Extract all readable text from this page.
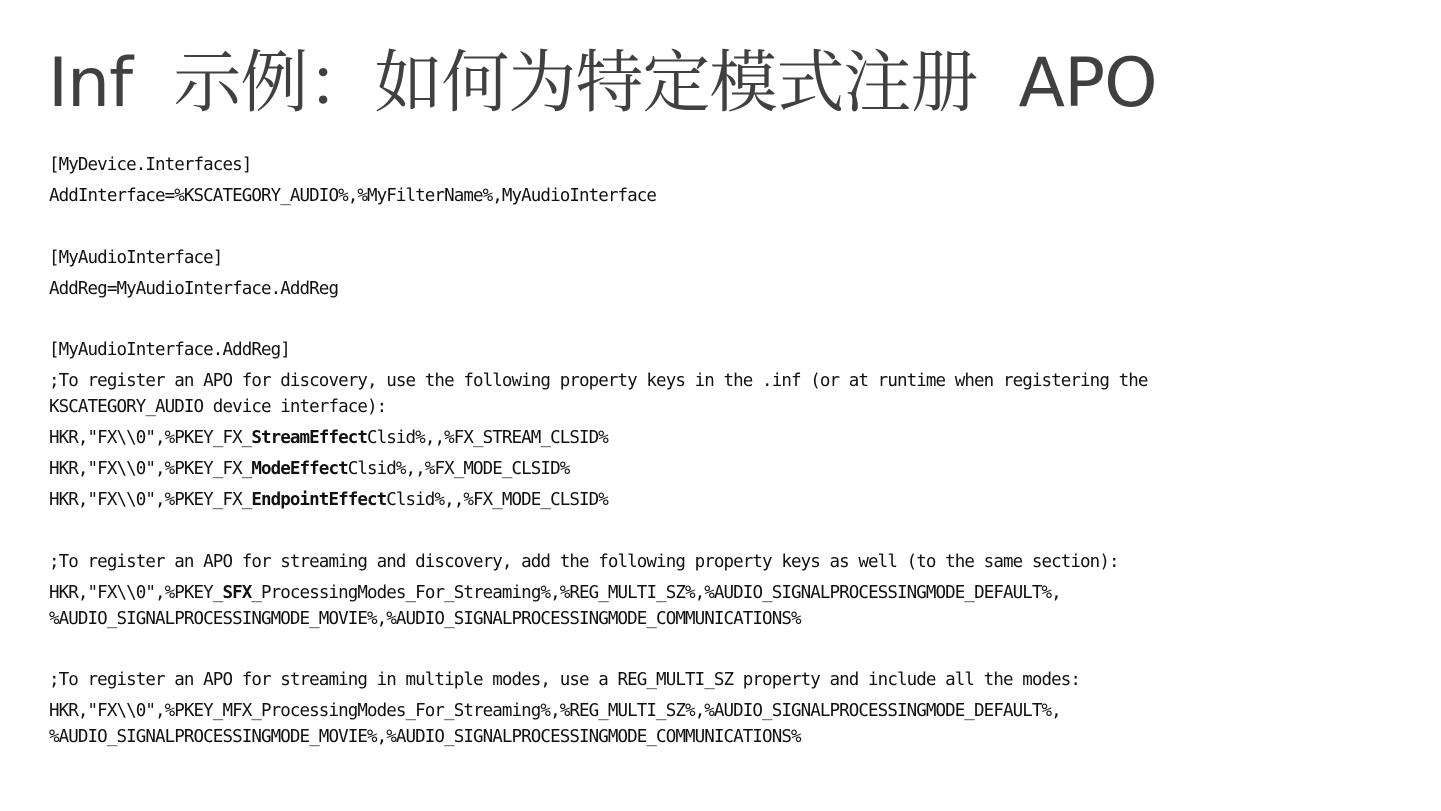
Inf  示例：如何为特定模式注册  APO
[MyDevice.Interfaces]
AddInterface=%KSCATEGORY_AUDIO%,%MyFilterName%,MyAudioInterface
[MyAudioInterface]
AddReg=MyAudioInterface.AddReg
[MyAudioInterface.AddReg]
;To register an APO for discovery, use the following property keys in the .inf (or at runtime when registering the
KSCATEGORY_AUDIO device interface):
HKR,"FX\\0",%PKEY_FX_StreamEffectClsid%,,%FX_STREAM_CLSID%
HKR,"FX\\0",%PKEY_FX_ModeEffectClsid%,,%FX_MODE_CLSID%
HKR,"FX\\0",%PKEY_FX_EndpointEffectClsid%,,%FX_MODE_CLSID%
;To register an APO for streaming and discovery, add the following property keys as well (to the same section):
HKR,"FX\\0",%PKEY_SFX_ProcessingModes_For_Streaming%,%REG_MULTI_SZ%,%AUDIO_SIGNALPROCESSINGMODE_DEFAULT%,
%AUDIO_SIGNALPROCESSINGMODE_MOVIE%,%AUDIO_SIGNALPROCESSINGMODE_COMMUNICATIONS%
;To register an APO for streaming in multiple modes, use a REG_MULTI_SZ property and include all the modes:
HKR,"FX\\0",%PKEY_MFX_ProcessingModes_For_Streaming%,%REG_MULTI_SZ%,%AUDIO_SIGNALPROCESSINGMODE_DEFAULT%,
%AUDIO_SIGNALPROCESSINGMODE_MOVIE%,%AUDIO_SIGNALPROCESSINGMODE_COMMUNICATIONS%
